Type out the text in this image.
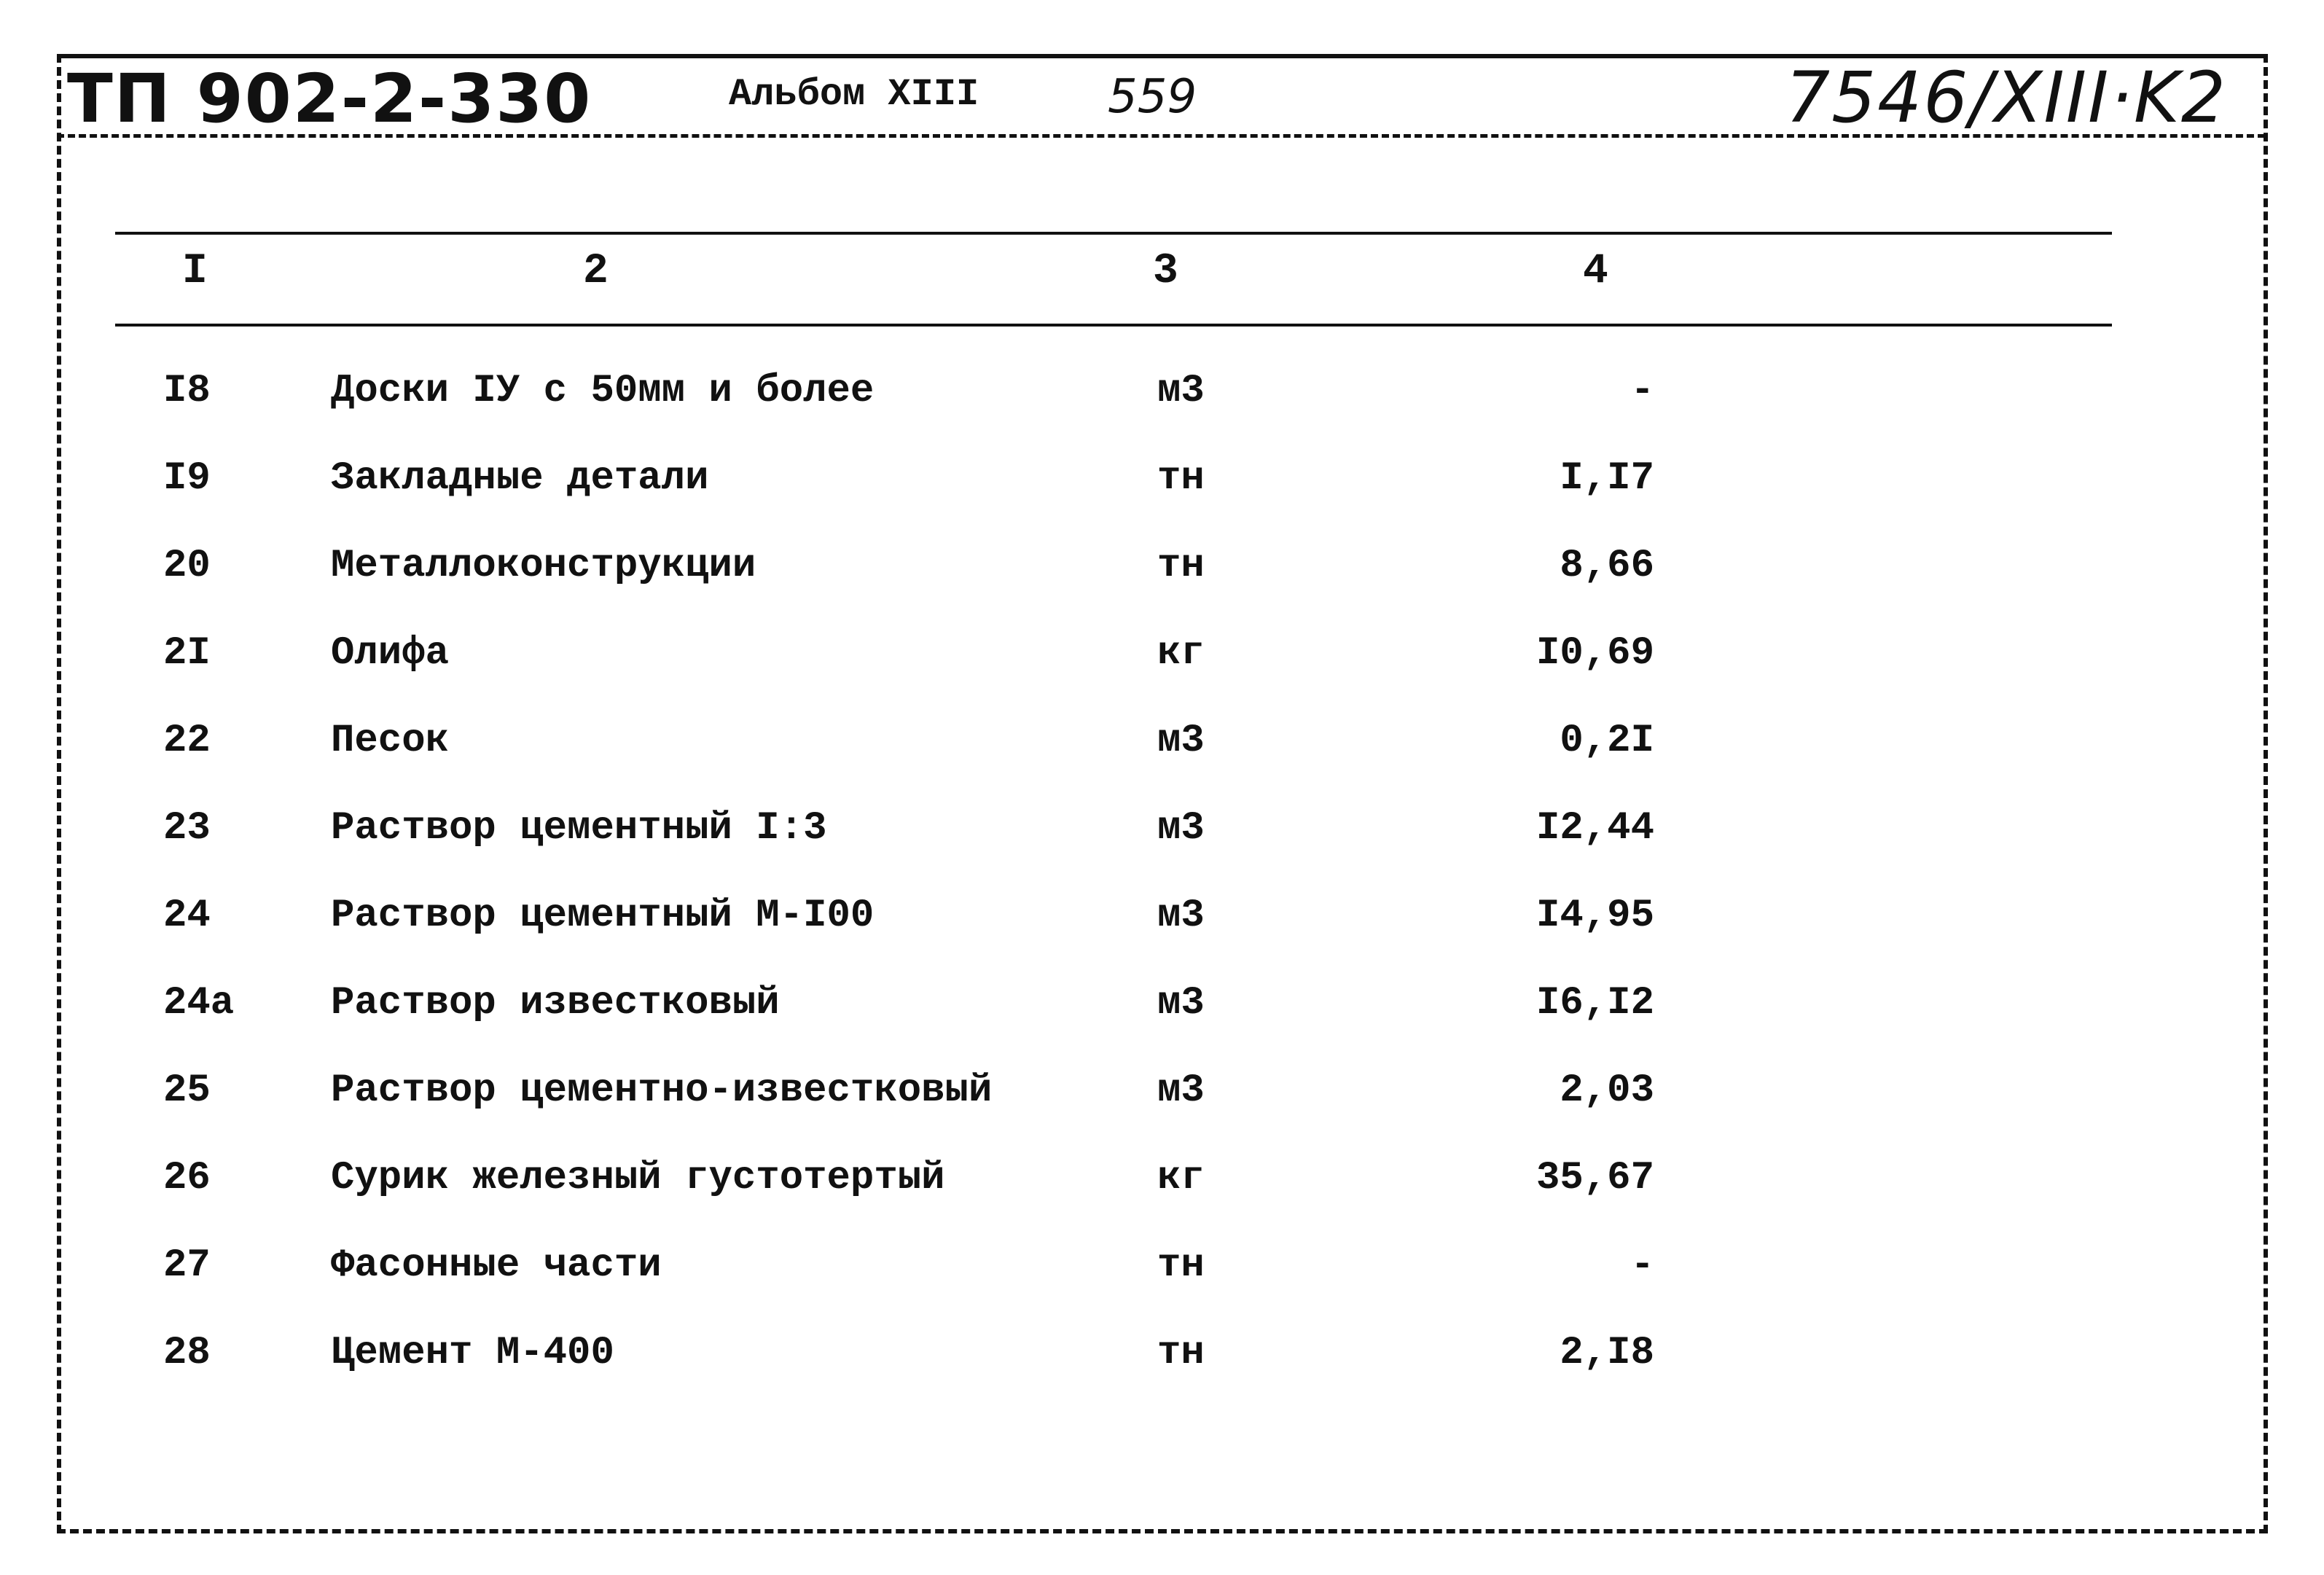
ТП 902-2-330	Альбом XIII	559	7546/XIII·K2
I	2	3	4
I8	Доски IУ с 50мм и более	м3	-
I9	Закладные детали	тн	I,I7
20	Металлоконструкции	тн	8,66
2I	Олифа	кг	I0,69
22	Песок	м3	0,2I
23	Раствор цементный I:3	м3	I2,44
24	Раствор цементный М-I00	м3	I4,95
24а Раствор известковый	м3	I6,I2
25	Раствор цементно-известковый	м3	2,03
26	Сурик железный густотертый	кг	35,67
27	Фасонные части	тн	-
28	Цемент М-400	тн	2,I8
